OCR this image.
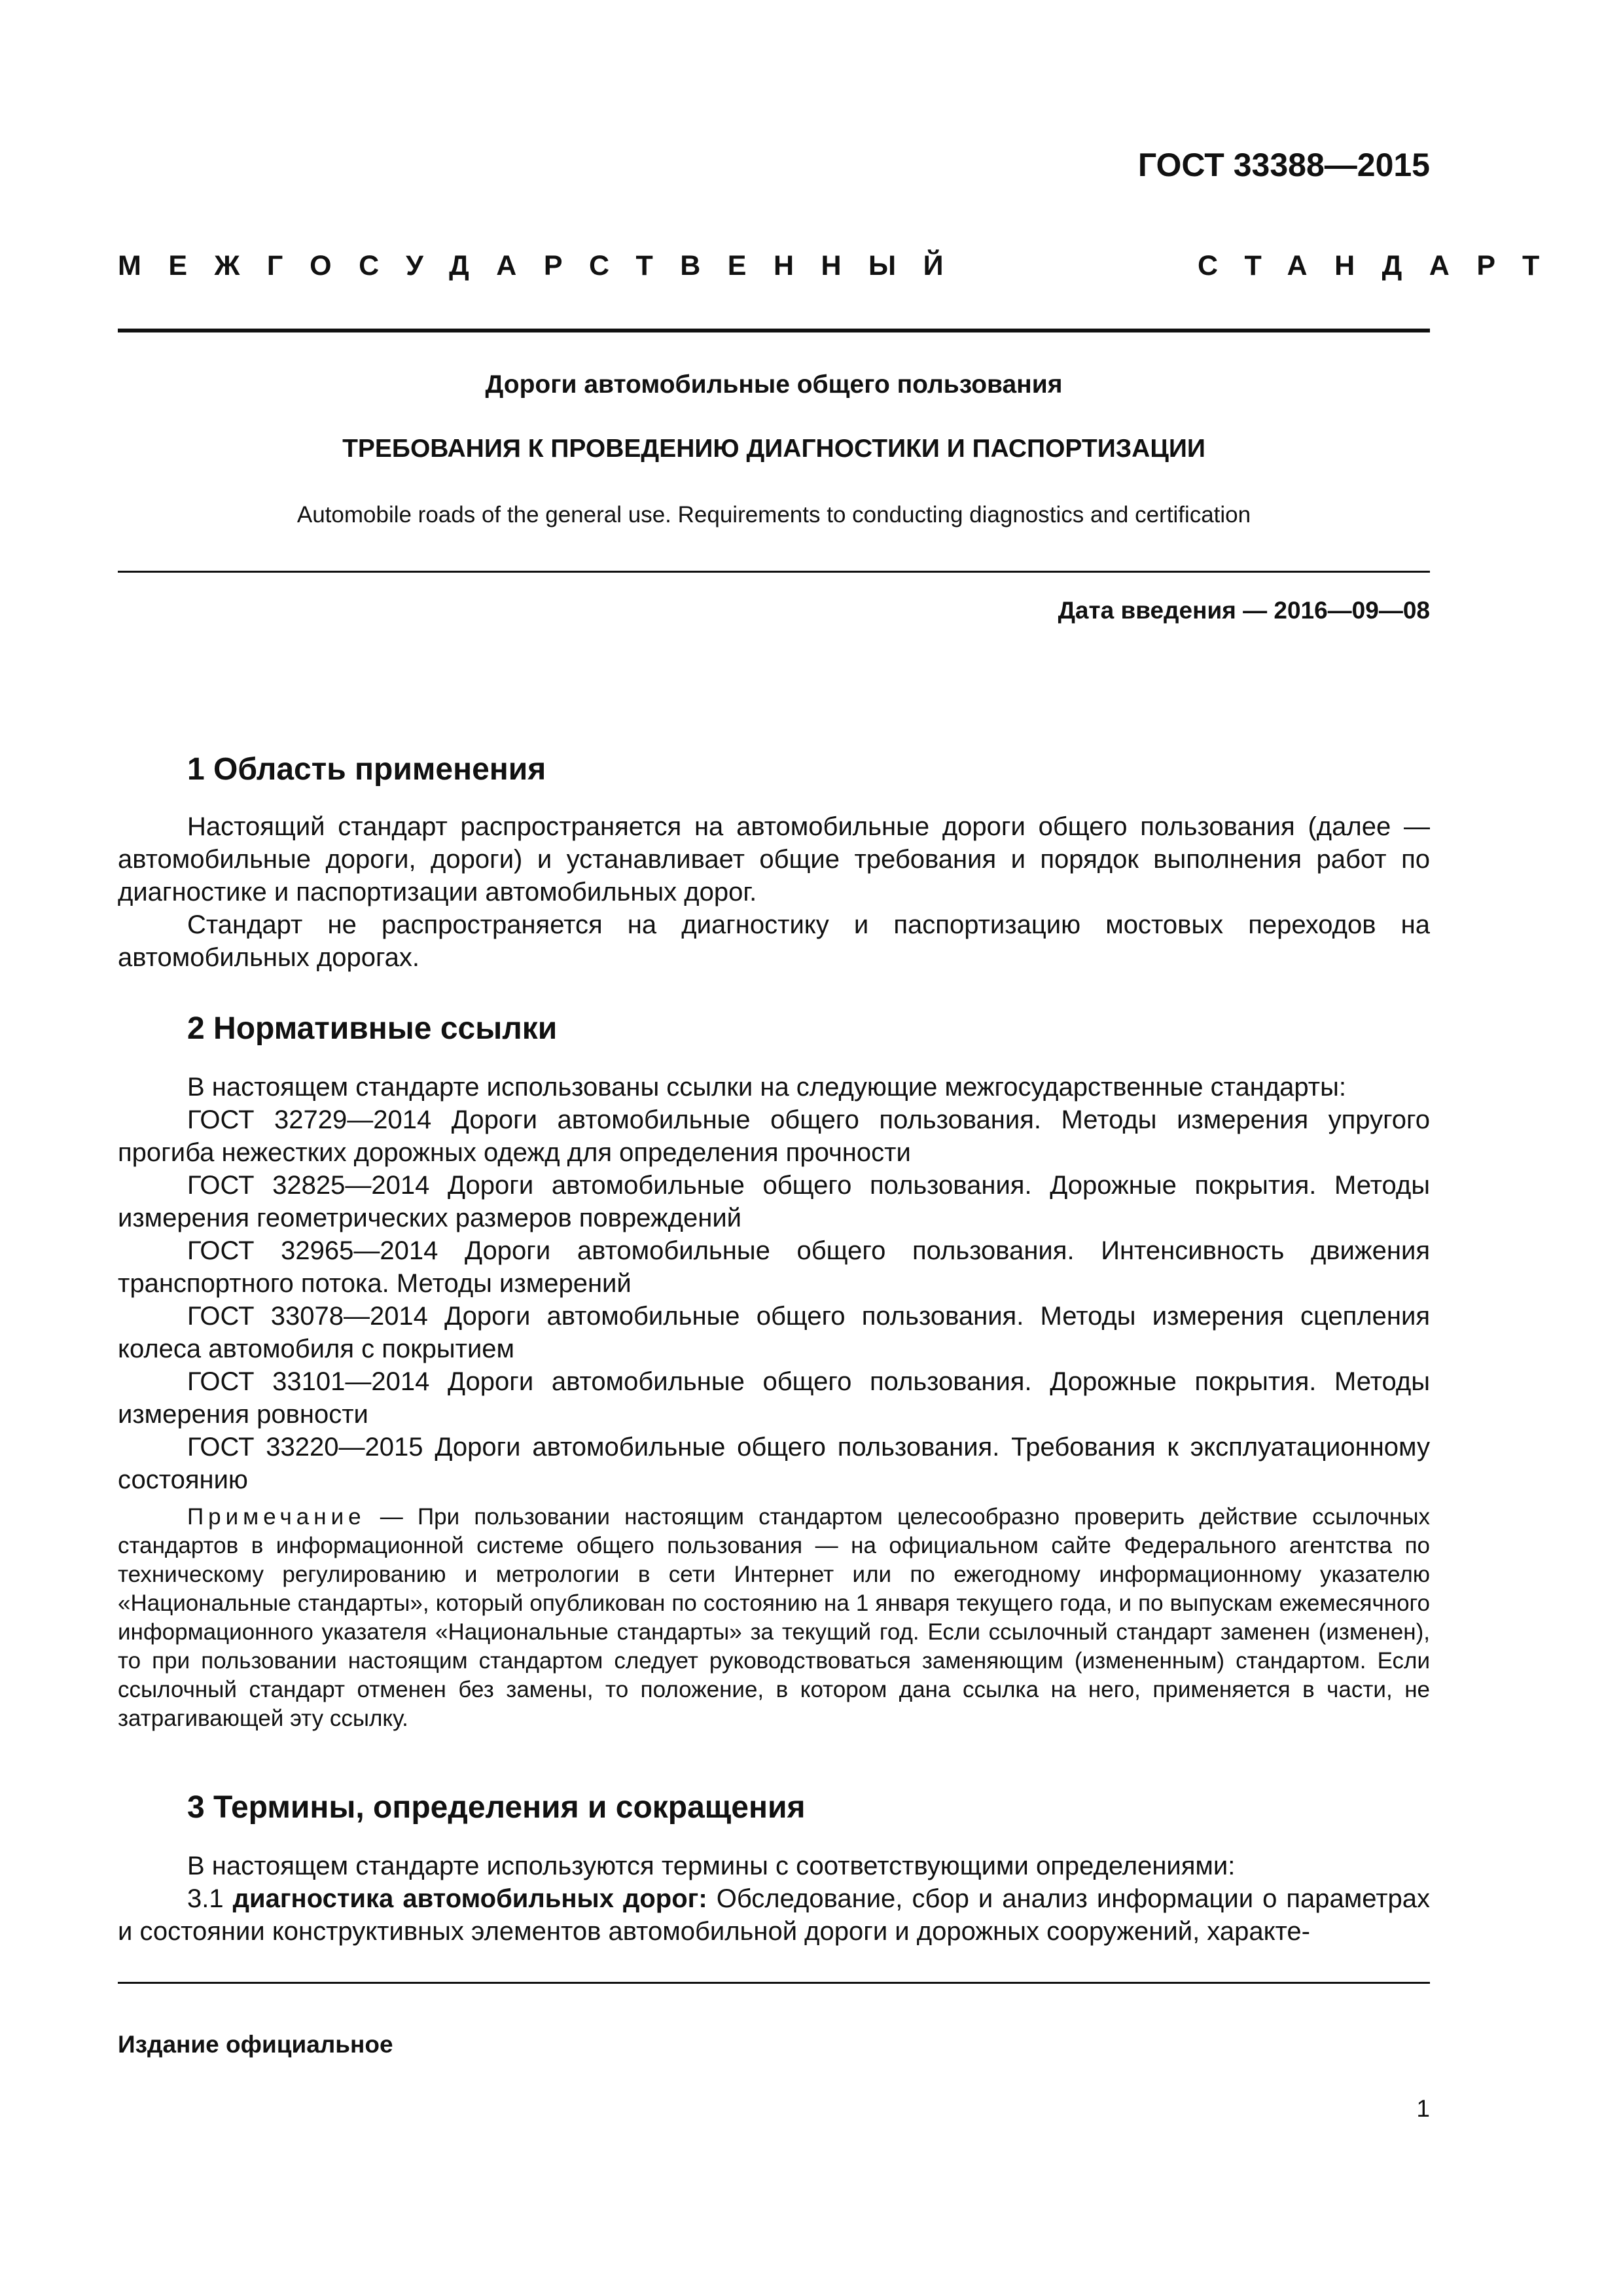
ГОСТ 33388—2015
МЕЖГОСУДАРСТВЕННЫЙ	СТАНДАРТ
Дороги автомобильные общего пользования
ТРЕБОВАНИЯ К ПРОВЕДЕНИЮ ДИАГНОСТИКИ И ПАСПОРТИЗАЦИИ
Automobile roads of the general use. Requirements to conducting diagnostics and certification
Дата введения — 2016—09—08
1 Область применения

Настоящий стандарт распространяется на автомобильные дороги общего пользования (далее — автомобильные дороги, дороги) и устанавливает общие требования и порядок выполнения работ по диагностике и паспортизации автомобильных дорог.

Стандарт не распространяется на диагностику и паспортизацию мостовых переходов на автомобильных дорогах.

2 Нормативные ссылки

В настоящем стандарте использованы ссылки на следующие межгосударственные стандарты:

ГОСТ 32729—2014 Дороги автомобильные общего пользования. Методы измерения упругого прогиба нежестких дорожных одежд для определения прочности

ГОСТ 32825—2014 Дороги автомобильные общего пользования. Дорожные покрытия. Методы измерения геометрических размеров повреждений

ГОСТ 32965—2014 Дороги автомобильные общего пользования. Интенсивность движения транспортного потока. Методы измерений

ГОСТ 33078—2014 Дороги автомобильные общего пользования. Методы измерения сцепления колеса автомобиля с покрытием

ГОСТ 33101—2014 Дороги автомобильные общего пользования. Дорожные покрытия. Методы измерения ровности

ГОСТ 33220—2015 Дороги автомобильные общего пользования. Требования к эксплуатационному состоянию

Примечание — При пользовании настоящим стандартом целесообразно проверить действие ссылочных стандартов в информационной системе общего пользования — на официальном сайте Федерального агентства по техническому регулированию и метрологии в сети Интернет или по ежегодному информационному указателю «Национальные стандарты», который опубликован по состоянию на 1 января текущего года, и по выпускам ежемесячного информационного указателя «Национальные стандарты» за текущий год. Если ссылочный стандарт заменен (изменен), то при пользовании настоящим стандартом следует руководствоваться заменяющим (измененным) стандартом. Если ссылочный стандарт отменен без замены, то положение, в котором дана ссылка на него, применяется в части, не затрагивающей эту ссылку.

3 Термины, определения и сокращения

В настоящем стандарте используются термины с соответствующими определениями:

3.1 диагностика автомобильных дорог: Обследование, сбор и анализ информации о параметрах и состоянии конструктивных элементов автомобильной дороги и дорожных сооружений, характе-

Издание официальное
1
